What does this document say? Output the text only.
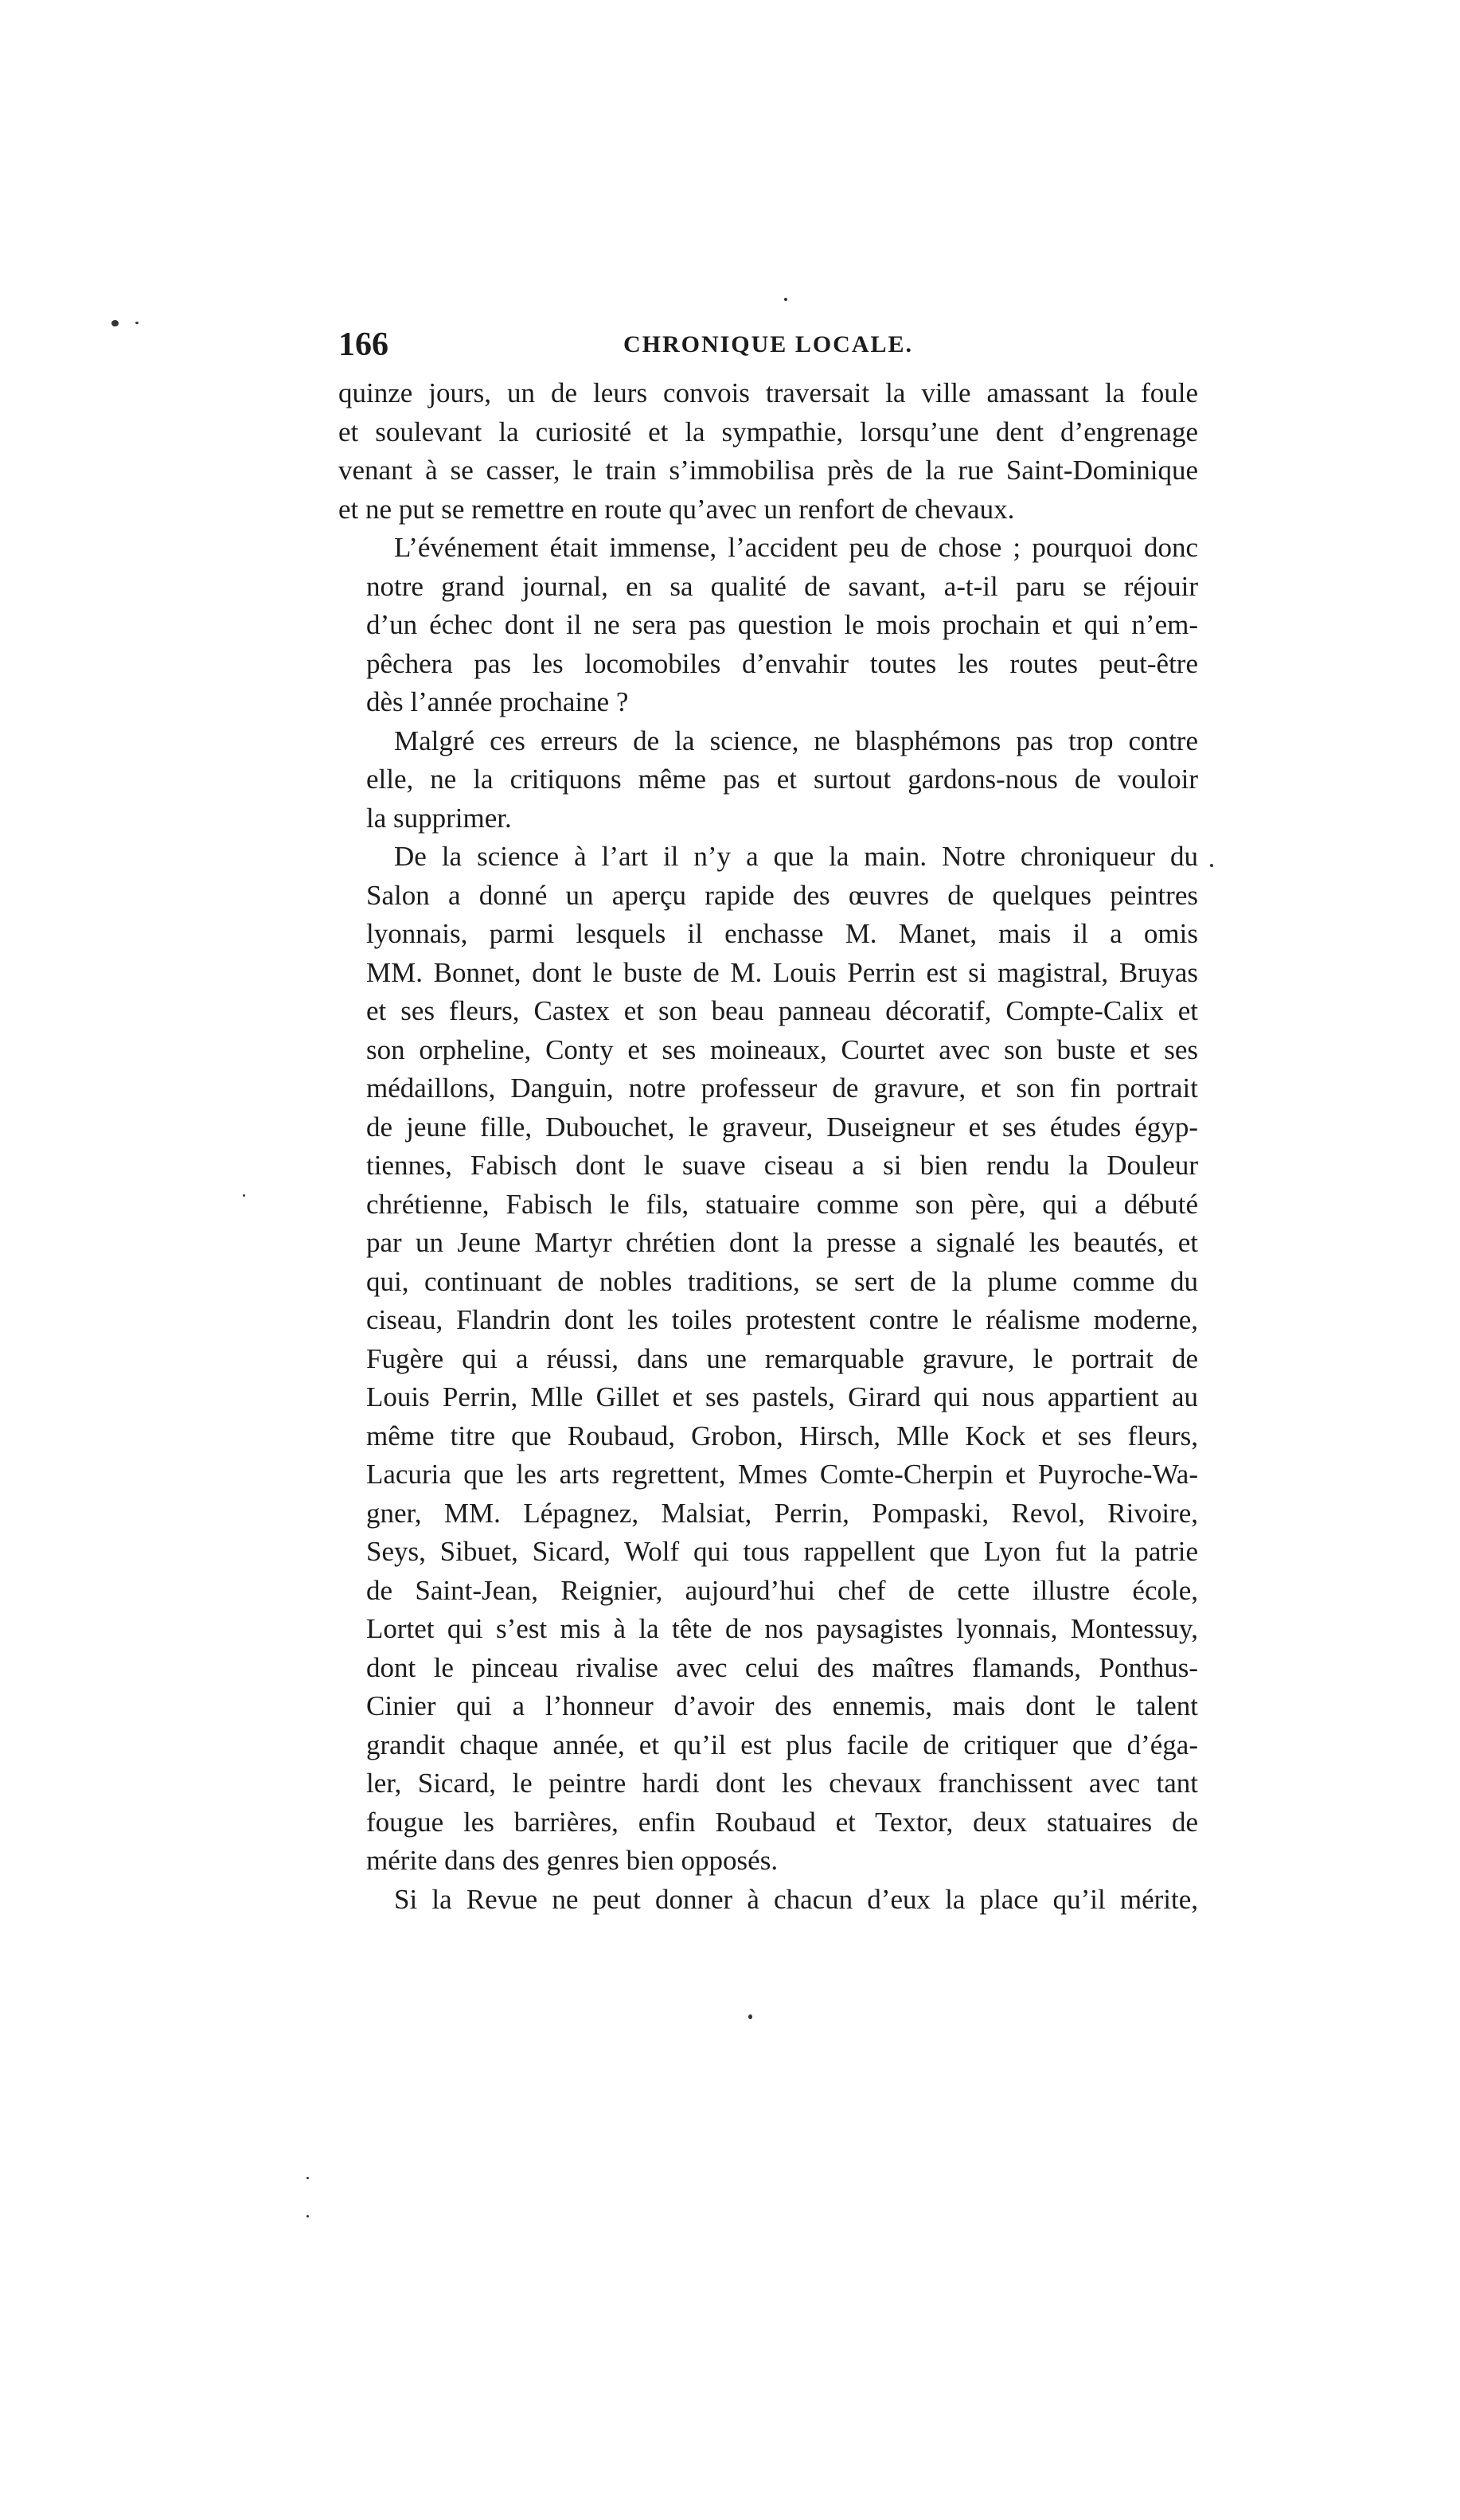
166	CHRONIQUE LOCALE.

quinze jours, un de leurs convois traversait la ville amassant la foule
et soulevant la curiosité et la sympathie, lorsqu’une dent d’engrenage
venant à se casser, le train s’immobilisa près de la rue Saint-Dominique
et ne put se remettre en route qu’avec un renfort de chevaux.

L’événement était immense, l’accident peu de chose ; pourquoi donc
notre grand journal, en sa qualité de savant, a-t-il paru se réjouir
d’un échec dont il ne sera pas question le mois prochain et qui n’em-
pêchera pas les locomobiles d’envahir toutes les routes peut-être
dès l’année prochaine ?

Malgré ces erreurs de la science, ne blasphémons pas trop contre
elle, ne la critiquons même pas et surtout gardons-nous de vouloir
la supprimer.

De la science à l’art il n’y a que la main. Notre chroniqueur du
Salon a donné un aperçu rapide des œuvres de quelques peintres
lyonnais, parmi lesquels il enchasse M. Manet, mais il a omis
MM. Bonnet, dont le buste de M. Louis Perrin est si magistral, Bruyas
et ses fleurs, Castex et son beau panneau décoratif, Compte-Calix et
son orpheline, Conty et ses moineaux, Courtet avec son buste et ses
médaillons, Danguin, notre professeur de gravure, et son fin portrait
de jeune fille, Dubouchet, le graveur, Duseigneur et ses études égyp-
tiennes, Fabisch dont le suave ciseau a si bien rendu la Douleur
chrétienne, Fabisch le fils, statuaire comme son père, qui a débuté
par un Jeune Martyr chrétien dont la presse a signalé les beautés, et
qui, continuant de nobles traditions, se sert de la plume comme du
ciseau, Flandrin dont les toiles protestent contre le réalisme moderne,
Fugère qui a réussi, dans une remarquable gravure, le portrait de
Louis Perrin, Mlle Gillet et ses pastels, Girard qui nous appartient au
même titre que Roubaud, Grobon, Hirsch, Mlle Kock et ses fleurs,
Lacuria que les arts regrettent, Mmes Comte-Cherpin et Puyroche-Wa-
gner, MM. Lépagnez, Malsiat, Perrin, Pompaski, Revol, Rivoire,
Seys, Sibuet, Sicard, Wolf qui tous rappellent que Lyon fut la patrie
de Saint-Jean, Reignier, aujourd’hui chef de cette illustre école,
Lortet qui s’est mis à la tête de nos paysagistes lyonnais, Montessuy,
dont le pinceau rivalise avec celui des maîtres flamands, Ponthus-
Cinier qui a l’honneur d’avoir des ennemis, mais dont le talent
grandit chaque année, et qu’il est plus facile de critiquer que d’éga-
ler, Sicard, le peintre hardi dont les chevaux franchissent avec tant
fougue les barrières, enfin Roubaud et Textor, deux statuaires de
mérite dans des genres bien opposés.

Si la Revue ne peut donner à chacun d’eux la place qu’il mérite,
